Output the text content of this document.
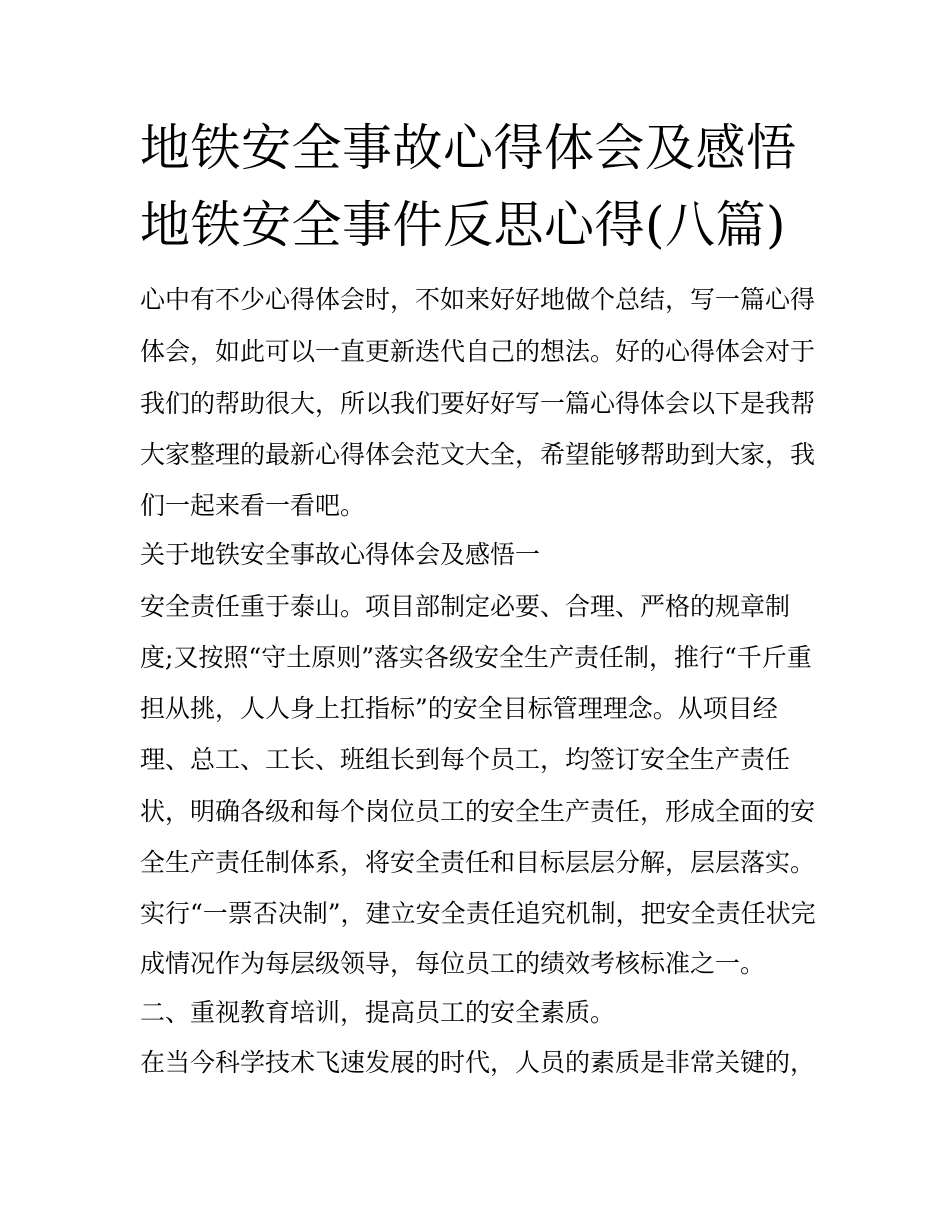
地铁安全事故心得体会及感悟
地铁安全事件反思心得(八篇)
心中有不少心得体会时，不如来好好地做个总结，写一篇心得
体会，如此可以一直更新迭代自己的想法。好的心得体会对于
我们的帮助很大，所以我们要好好写一篇心得体会以下是我帮
大家整理的最新心得体会范文大全，希望能够帮助到大家，我
们一起来看一看吧。
关于地铁安全事故心得体会及感悟一
安全责任重于泰山。项目部制定必要、合理、严格的规章制
度;又按照“守土原则”落实各级安全生产责任制，推行“千斤重
担从挑，人人身上扛指标”的安全目标管理理念。从项目经
理、总工、工长、班组长到每个员工，均签订安全生产责任
状，明确各级和每个岗位员工的安全生产责任，形成全面的安
全生产责任制体系，将安全责任和目标层层分解，层层落实。
实行“一票否决制”，建立安全责任追究机制，把安全责任状完
成情况作为每层级领导，每位员工的绩效考核标准之一。
二、重视教育培训，提高员工的安全素质。
在当今科学技术飞速发展的时代，人员的素质是非常关键的，
